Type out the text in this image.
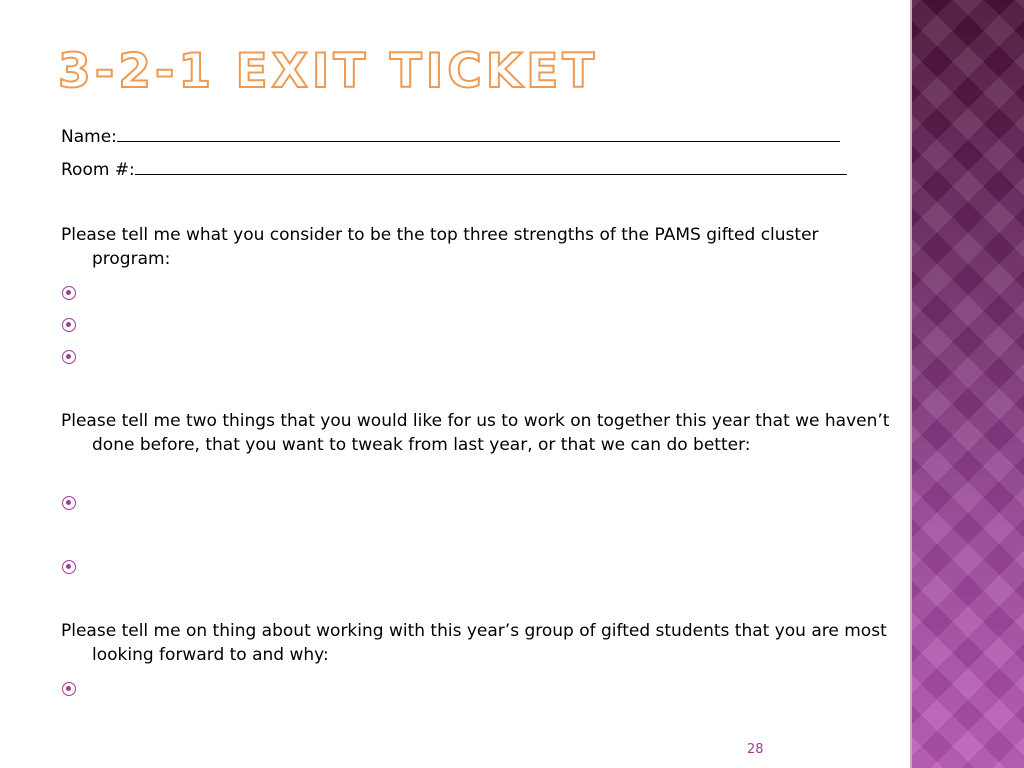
3-2-1 EXIT TICKET
Name:
Room #:

Please tell me what you consider to be the top three strengths of the PAMS gifted cluster program:

Please tell me two things that you would like for us to work on together this year that we haven’t done before, that you want to tweak from last year, or that we can do better:

Please tell me on thing about working with this year’s group of gifted students that you are most looking forward to and why:

28
